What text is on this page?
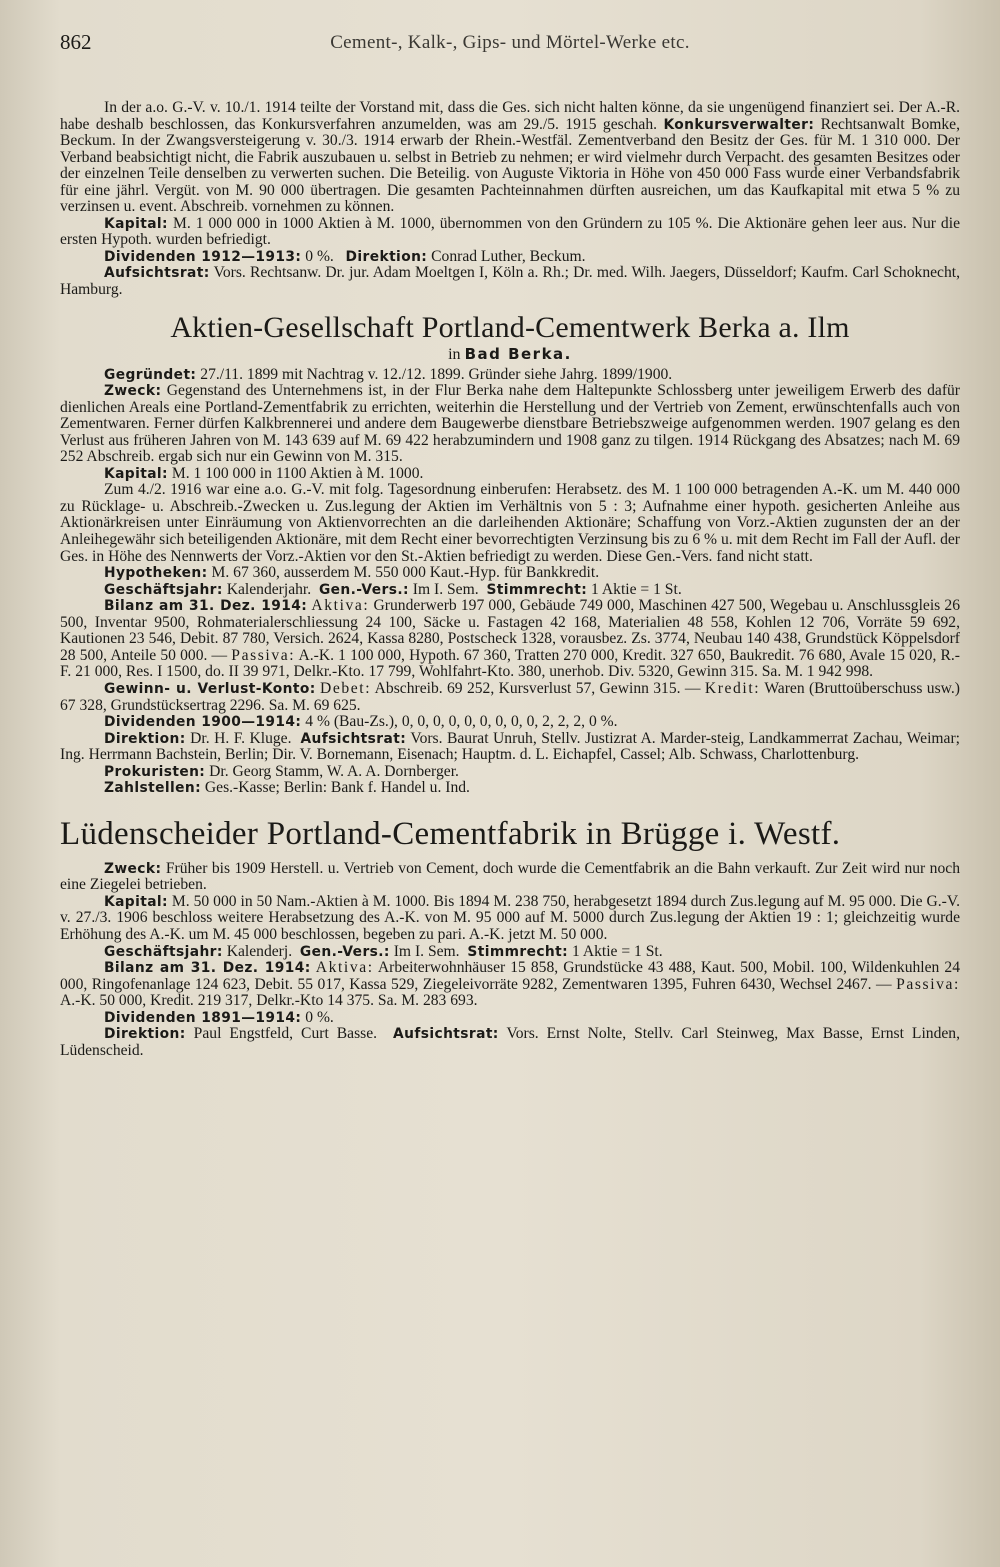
862	Cement-, Kalk-, Gips- und Mörtel-Werke etc.

In der a.o. G.-V. v. 10./1. 1914 teilte der Vorstand mit, dass die Ges. sich nicht halten könne, da sie ungenügend finanziert sei. Der A.-R. habe deshalb beschlossen, das Konkursverfahren anzumelden, was am 29./5. 1915 geschah. Konkursverwalter: Rechtsanwalt Bomke, Beckum. In der Zwangsversteigerung v. 30./3. 1914 erwarb der Rhein.-Westfäl. Zementverband den Besitz der Ges. für M. 1 310 000. Der Verband beabsichtigt nicht, die Fabrik auszubauen u. selbst in Betrieb zu nehmen; er wird vielmehr durch Verpacht. des gesamten Besitzes oder der einzelnen Teile denselben zu verwerten suchen. Die Beteilig. von Auguste Viktoria in Höhe von 450 000 Fass wurde einer Verbandsfabrik für eine jährl. Vergüt. von M. 90 000 übertragen. Die gesamten Pachteinnahmen dürften ausreichen, um das Kaufkapital mit etwa 5 % zu verzinsen u. event. Abschreib. vornehmen zu können.

Kapital: M. 1 000 000 in 1000 Aktien à M. 1000, übernommen von den Gründern zu 105 %. Die Aktionäre gehen leer aus. Nur die ersten Hypoth. wurden befriedigt.

Dividenden 1912—1913: 0 %. Direktion: Conrad Luther, Beckum.

Aufsichtsrat: Vors. Rechtsanw. Dr. jur. Adam Moeltgen I, Köln a. Rh.; Dr. med. Wilh. Jaegers, Düsseldorf; Kaufm. Carl Schoknecht, Hamburg.

Aktien-Gesellschaft Portland-Cementwerk Berka a. Ilm
in Bad Berka.

Gegründet: 27./11. 1899 mit Nachtrag v. 12./12. 1899. Gründer siehe Jahrg. 1899/1900.

Zweck: Gegenstand des Unternehmens ist, in der Flur Berka nahe dem Haltepunkte Schlossberg unter jeweiligem Erwerb des dafür dienlichen Areals eine Portland-Zementfabrik zu errichten, weiterhin die Herstellung und der Vertrieb von Zement, erwünschtenfalls auch von Zementwaren. Ferner dürfen Kalkbrennerei und andere dem Baugewerbe dienstbare Betriebszweige aufgenommen werden. 1907 gelang es den Verlust aus früheren Jahren von M. 143 639 auf M. 69 422 herabzumindern und 1908 ganz zu tilgen. 1914 Rückgang des Absatzes; nach M. 69 252 Abschreib. ergab sich nur ein Gewinn von M. 315.

Kapital: M. 1 100 000 in 1100 Aktien à M. 1000.

Zum 4./2. 1916 war eine a.o. G.-V. mit folg. Tagesordnung einberufen: Herabsetz. des M. 1 100 000 betragenden A.-K. um M. 440 000 zu Rücklage- u. Abschreib.-Zwecken u. Zus.legung der Aktien im Verhältnis von 5 : 3; Aufnahme einer hypoth. gesicherten Anleihe aus Aktionärkreisen unter Einräumung von Aktienvorrechten an die darleihenden Aktionäre; Schaffung von Vorz.-Aktien zugunsten der an der Anleihegewähr sich beteiligenden Aktionäre, mit dem Recht einer bevorrechtigten Verzinsung bis zu 6 % u. mit dem Recht im Fall der Aufl. der Ges. in Höhe des Nennwerts der Vorz.-Aktien vor den St.-Aktien befriedigt zu werden. Diese Gen.-Vers. fand nicht statt.

Hypotheken: M. 67 360, ausserdem M. 550 000 Kaut.-Hyp. für Bankkredit.

Geschäftsjahr: Kalenderjahr. Gen.-Vers.: Im I. Sem. Stimmrecht: 1 Aktie = 1 St.

Bilanz am 31. Dez. 1914: Aktiva: Grunderwerb 197 000, Gebäude 749 000, Maschinen 427 500, Wegebau u. Anschlussgleis 26 500, Inventar 9500, Rohmaterialerschliessung 24 100, Säcke u. Fastagen 42 168, Materialien 48 558, Kohlen 12 706, Vorräte 59 692, Kautionen 23 546, Debit. 87 780, Versich. 2624, Kassa 8280, Postscheck 1328, vorausbez. Zs. 3774, Neubau 140 438, Grundstück Köppelsdorf 28 500, Anteile 50 000. — Passiva: A.-K. 1 100 000, Hypoth. 67 360, Tratten 270 000, Kredit. 327 650, Baukredit. 76 680, Avale 15 020, R.-F. 21 000, Res. I 1500, do. II 39 971, Delkr.-Kto. 17 799, Wohlfahrt-Kto. 380, unerhob. Div. 5320, Gewinn 315. Sa. M. 1 942 998.

Gewinn- u. Verlust-Konto: Debet: Abschreib. 69 252, Kursverlust 57, Gewinn 315. — Kredit: Waren (Bruttoüberschuss usw.) 67 328, Grundstücksertrag 2296. Sa. M. 69 625.

Dividenden 1900—1914: 4 % (Bau-Zs.), 0, 0, 0, 0, 0, 0, 0, 0, 0, 2, 2, 2, 0 %.

Direktion: Dr. H. F. Kluge. Aufsichtsrat: Vors. Baurat Unruh, Stellv. Justizrat A. Marder-steig, Landkammerrat Zachau, Weimar; Ing. Herrmann Bachstein, Berlin; Dir. V. Bornemann, Eisenach; Hauptm. d. L. Eichapfel, Cassel; Alb. Schwass, Charlottenburg.

Prokuristen: Dr. Georg Stamm, W. A. A. Dornberger.

Zahlstellen: Ges.-Kasse; Berlin: Bank f. Handel u. Ind.

Lüdenscheider Portland-Cementfabrik in Brügge i. Westf.

Zweck: Früher bis 1909 Herstell. u. Vertrieb von Cement, doch wurde die Cementfabrik an die Bahn verkauft. Zur Zeit wird nur noch eine Ziegelei betrieben.

Kapital: M. 50 000 in 50 Nam.-Aktien à M. 1000. Bis 1894 M. 238 750, herabgesetzt 1894 durch Zus.legung auf M. 95 000. Die G.-V. v. 27./3. 1906 beschloss weitere Herabsetzung des A.-K. von M. 95 000 auf M. 5000 durch Zus.legung der Aktien 19 : 1; gleichzeitig wurde Erhöhung des A.-K. um M. 45 000 beschlossen, begeben zu pari. A.-K. jetzt M. 50 000.

Geschäftsjahr: Kalenderj. Gen.-Vers.: Im I. Sem. Stimmrecht: 1 Aktie = 1 St.

Bilanz am 31. Dez. 1914: Aktiva: Arbeiterwohnhäuser 15 858, Grundstücke 43 488, Kaut. 500, Mobil. 100, Wildenkuhlen 24 000, Ringofenanlage 124 623, Debit. 55 017, Kassa 529, Ziegeleivorräte 9282, Zementwaren 1395, Fuhren 6430, Wechsel 2467. — Passiva: A.-K. 50 000, Kredit. 219 317, Delkr.-Kto 14 375. Sa. M. 283 693.

Dividenden 1891—1914: 0 %.

Direktion: Paul Engstfeld, Curt Basse. Aufsichtsrat: Vors. Ernst Nolte, Stellv. Carl Steinweg, Max Basse, Ernst Linden, Lüdenscheid.
